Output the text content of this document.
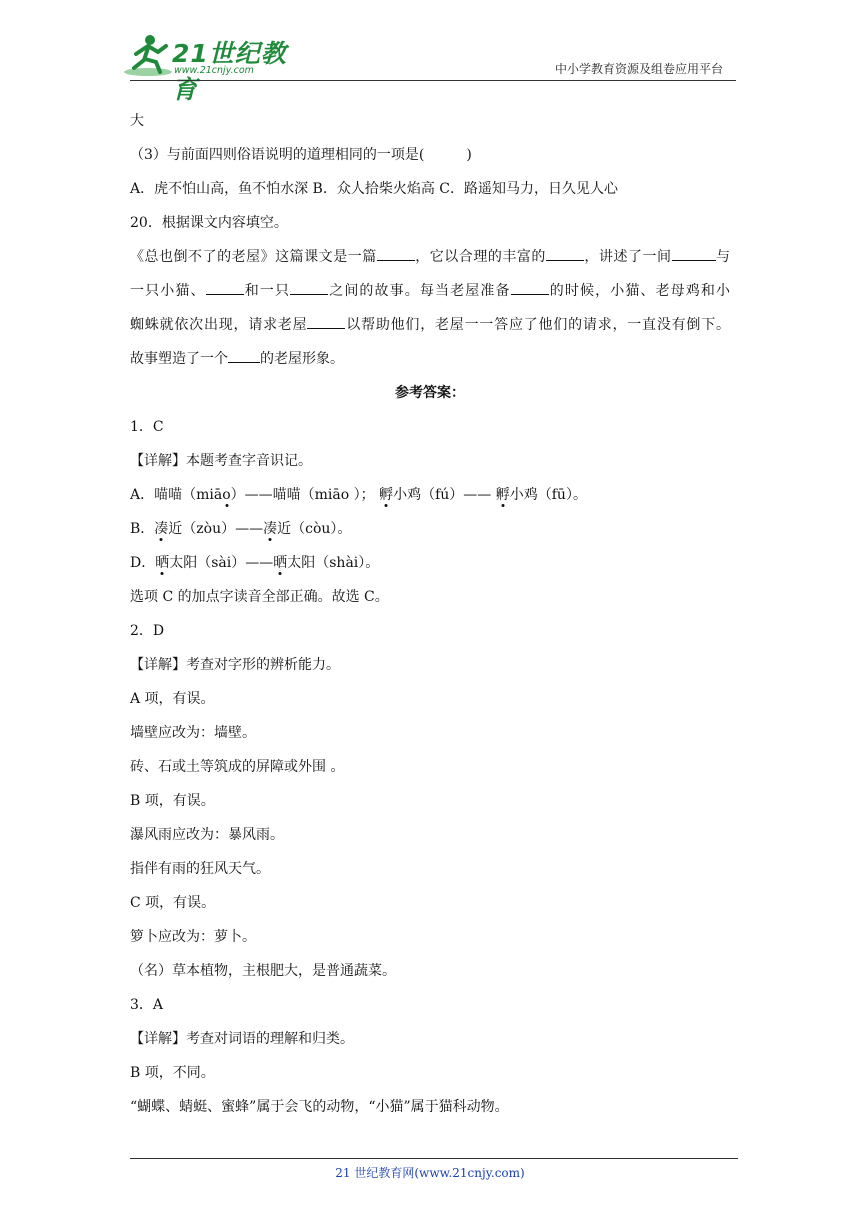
21世纪教育
www.21cnjy.com	中小学教育资源及组卷应用平台
大
（3）与前面四则俗语说明的道理相同的一项是(　　　)
A．虎不怕山高，鱼不怕水深 B．众人拾柴火焰高 C．路遥知马力，日久见人心
20．根据课文内容填空。
《总也倒不了的老屋》这篇课文是一篇	，它以合理的丰富的	，讲述了一间	与
一只小猫、	和一只	之间的故事。每当老屋准备	的时候，小猫、老母鸡和小
蜘蛛就依次出现，请求老屋	以帮助他们，老屋一一答应了他们的请求，一直没有倒下。
故事塑造了一个 的老屋形象。
参考答案：
1．C
【详解】本题考查字音识记。
A．喵喵（miāo）——喵喵（miāo ）； 孵小鸡（fú）—— 孵小鸡（fū）。
B．凑近（zòu）——凑近（còu）。
D．晒太阳（sài）——晒太阳（shài）。
选项 C 的加点字读音全部正确。故选 C。
2．D
【详解】考查对字形的辨析能力。
A 项，有误。
墙壁应改为：墙壁。
砖、石或土等筑成的屏障或外围 。
B 项，有误。
瀑风雨应改为：暴风雨。
指伴有雨的狂风天气。
C 项，有误。
箩卜应改为：萝卜。
（名）草本植物，主根肥大，是普通蔬菜。
3．A
【详解】考查对词语的理解和归类。
B 项，不同。
“蝴蝶、蜻蜓、蜜蜂”属于会飞的动物，“小猫”属于猫科动物。
21 世纪教育网(www.21cnjy.com)
